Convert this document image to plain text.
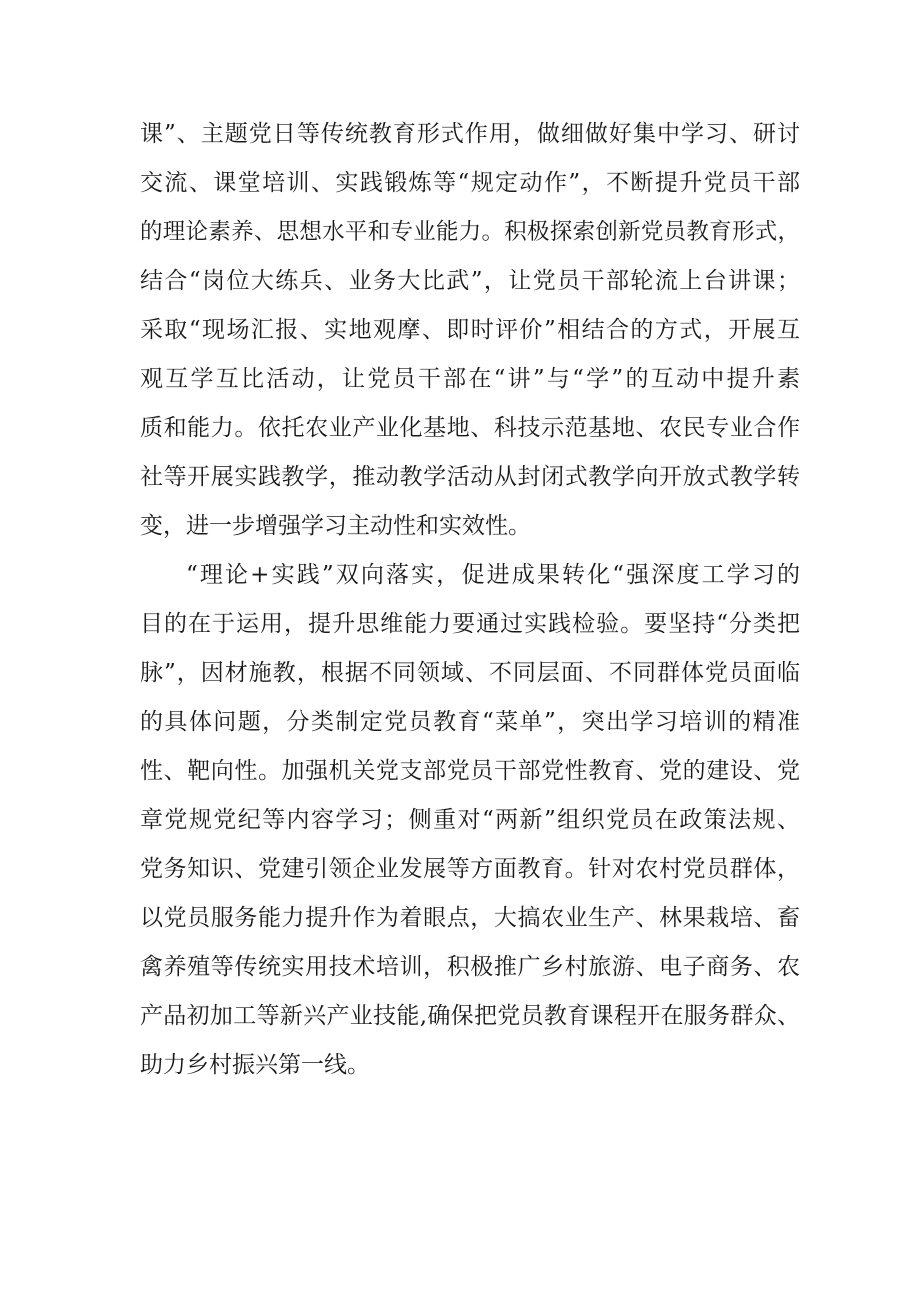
课”、主题党日等传统教育形式作用，做细做好集中学习、研讨
交流、课堂培训、实践锻炼等“规定动作”，不断提升党员干部
的理论素养、思想水平和专业能力。积极探索创新党员教育形式，
结合“岗位大练兵、业务大比武”，让党员干部轮流上台讲课；
采取“现场汇报、实地观摩、即时评价”相结合的方式，开展互
观互学互比活动，让党员干部在“讲”与“学”的互动中提升素
质和能力。依托农业产业化基地、科技示范基地、农民专业合作
社等开展实践教学，推动教学活动从封闭式教学向开放式教学转
变，进一步增强学习主动性和实效性。
“理论+实践”双向落实，促进成果转化“强深度工学习的
目的在于运用，提升思维能力要通过实践检验。要坚持“分类把
脉”，因材施教，根据不同领域、不同层面、不同群体党员面临
的具体问题，分类制定党员教育“菜单”，突出学习培训的精准
性、靶向性。加强机关党支部党员干部党性教育、党的建设、党
章党规党纪等内容学习；侧重对“两新”组织党员在政策法规、
党务知识、党建引领企业发展等方面教育。针对农村党员群体，
以党员服务能力提升作为着眼点，大搞农业生产、林果栽培、畜
禽养殖等传统实用技术培训，积极推广乡村旅游、电子商务、农
产品初加工等新兴产业技能,确保把党员教育课程开在服务群众、
助力乡村振兴第一线。
